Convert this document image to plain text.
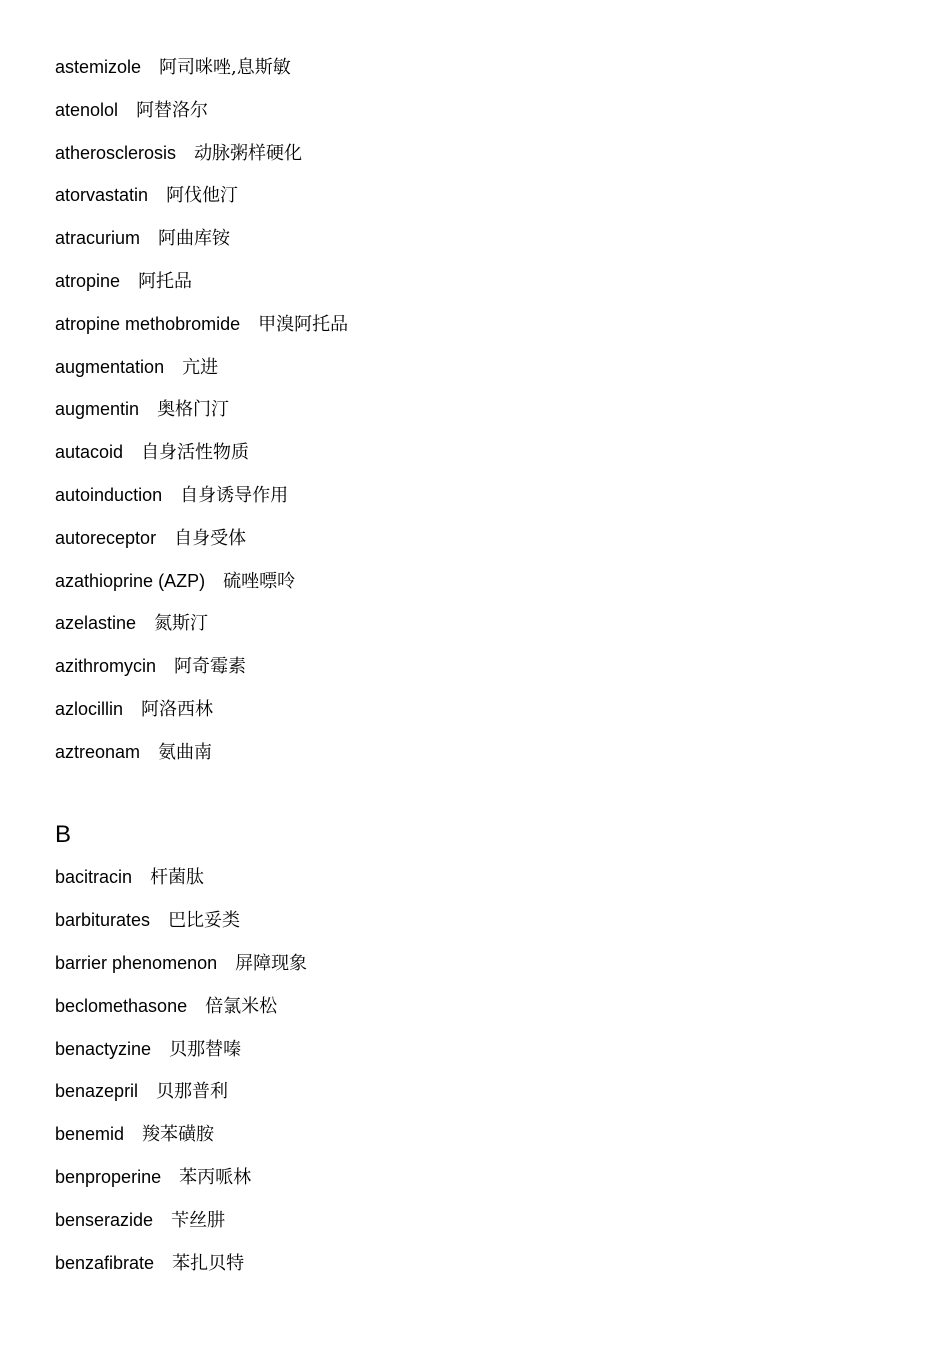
astemizole 阿司咪唑,息斯敏
atenolol 阿替洛尔
atherosclerosis 动脉粥样硬化
atorvastatin 阿伐他汀
atracurium 阿曲库铵
atropine 阿托品
atropine methobromide 甲溴阿托品
augmentation 亢进
augmentin 奥格门汀
autacoid 自身活性物质
autoinduction 自身诱导作用
autoreceptor 自身受体
azathioprine (AZP) 硫唑嘌呤
azelastine 氮斯汀
azithromycin 阿奇霉素
azlocillin 阿洛西林
aztreonam 氨曲南
B
bacitracin 杆菌肽
barbiturates 巴比妥类
barrier phenomenon 屏障现象
beclomethasone 倍氯米松
benactyzine 贝那替嗪
benazepril 贝那普利
benemid 羧苯磺胺
benproperine 苯丙哌林
benserazide 苄丝肼
benzafibrate 苯扎贝特
